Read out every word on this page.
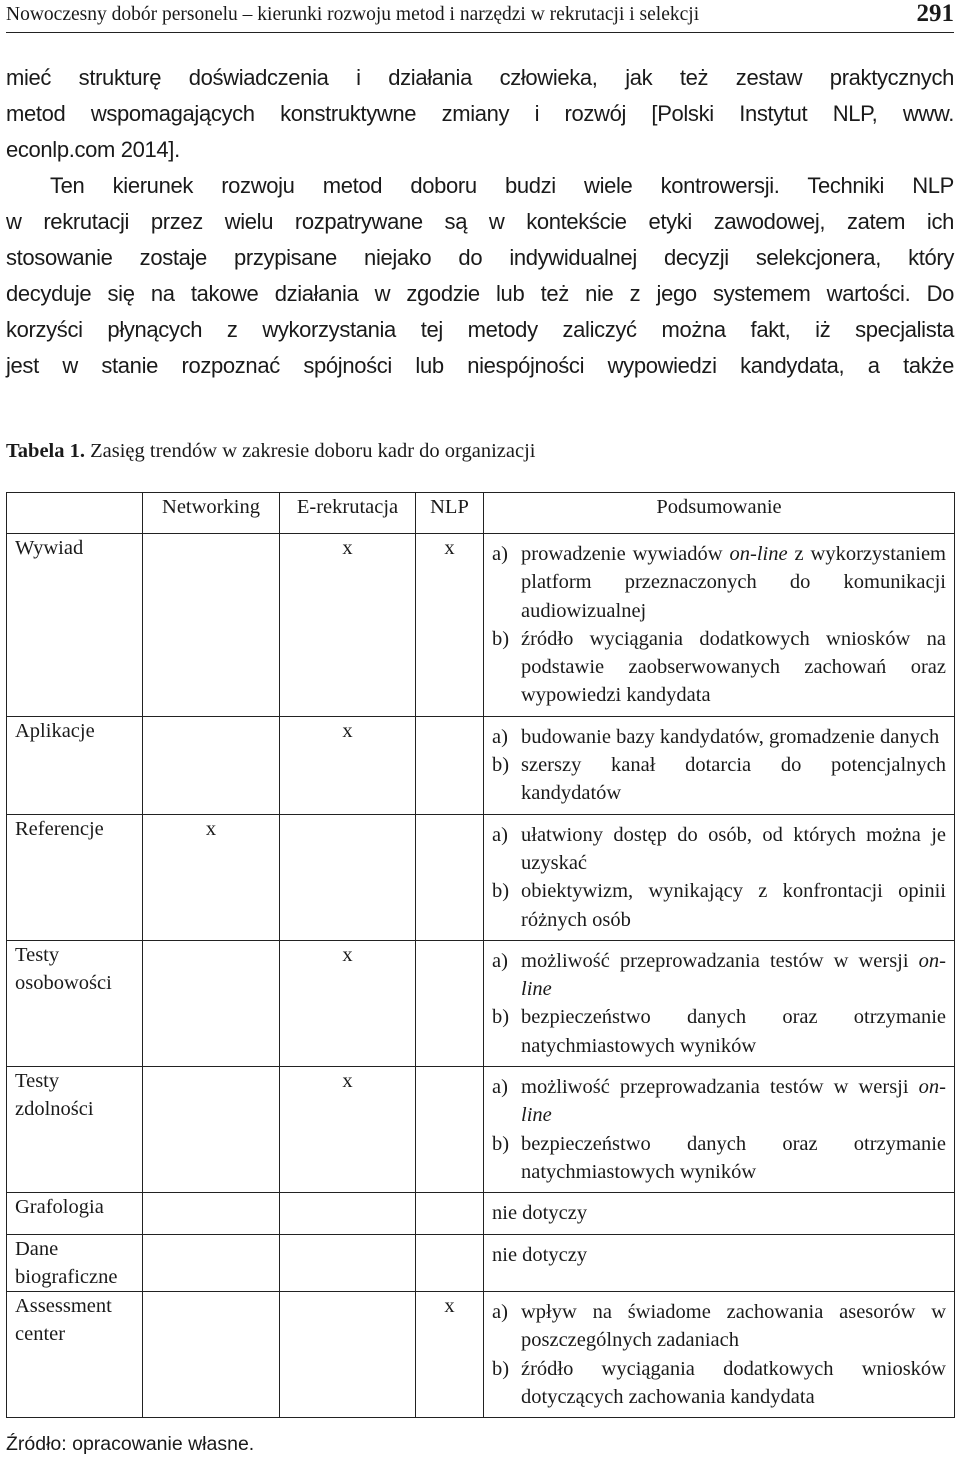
Nowoczesny dobór personelu – kierunki rozwoju metod i narzędzi w rekrutacji i selekcji	291
mieć strukturę doświadczenia i działania człowieka, jak też zestaw praktycznych
metod wspomagających konstruktywne zmiany i rozwój [Polski Instytut NLP, www.
econlp.com 2014].
Ten kierunek rozwoju metod doboru budzi wiele kontrowersji. Techniki NLP
w rekrutacji przez wielu rozpatrywane są w kontekście etyki zawodowej, zatem ich
stosowanie zostaje przypisane niejako do indywidualnej decyzji selekcjonera, który
decyduje się na takowe działania w zgodzie lub też nie z jego systemem wartości. Do
korzyści płynących z wykorzystania tej metody zaliczyć można fakt, iż specjalista
jest w stanie rozpoznać spójności lub niespójności wypowiedzi kandydata, a także
Tabela 1. Zasięg trendów w zakresie doboru kadr do organizacji
	Networking	E-rekrutacja	NLP	Podsumowanie
Wywiad		x	x	a) prowadzenie wywiadów on-line z wykorzystaniem platform przeznaczonych do komunikacji audiowizualnej
b) źródło wyciągania dodatkowych wniosków na podstawie zaobserwowanych zachowań oraz wypowiedzi kandydata

Aplikacje		x		a) budowanie bazy kandydatów, gromadzenie danych
b) szerszy kanał dotarcia do potencjalnych kandydatów

Referencje	x			a) ułatwiony dostęp do osób, od których można je uzyskać
b) obiektywizm, wynikający z konfrontacji opinii różnych osób

Testy osobowości		x		a) możliwość przeprowadzania testów w wersji on-line
b) bezpieczeństwo danych oraz otrzymanie natychmiastowych wyników

Testy zdolności		x		a) możliwość przeprowadzania testów w wersji on-line
b) bezpieczeństwo danych oraz otrzymanie natychmiastowych wyników

Grafologia				nie dotyczy
Dane biograficzne				nie dotyczy
Assessment center			x	a) wpływ na świadome zachowania asesorów w poszczególnych zadaniach
b) źródło wyciągania dodatkowych wniosków dotyczących zachowania kandydata
Źródło: opracowanie własne.
